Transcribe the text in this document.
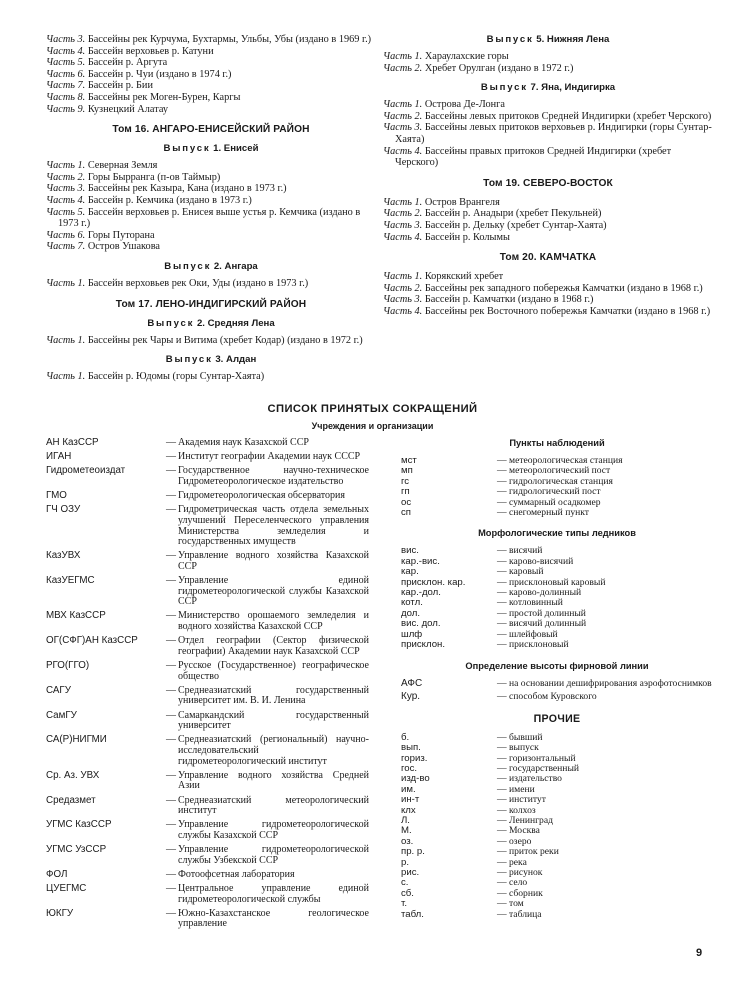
Часть 3. Бассейны рек Курчума, Бухтармы, Ульбы, Убы (издано в 1969 г.)
Часть 4. Бассейн верховьев р. Катуни
Часть 5. Бассейн р. Аргута
Часть 6. Бассейн р. Чуи (издано в 1974 г.)
Часть 7. Бассейн р. Бии
Часть 8. Бассейны рек Моген-Бурен, Каргы
Часть 9. Кузнецкий Алатау
Том 16. АНГАРО-ЕНИСЕЙСКИЙ РАЙОН
Выпуск 1. Енисей
Часть 1. Северная Земля
Часть 2. Горы Бырранга (п-ов Таймыр)
Часть 3. Бассейны рек Казыра, Кана (издано в 1973 г.)
Часть 4. Бассейн р. Кемчика (издано в 1973 г.)
Часть 5. Бассейн верховьев р. Енисея выше устья р. Кемчика (издано в 1973 г.)
Часть 6. Горы Путорана
Часть 7. Остров Ушакова
Выпуск 2. Ангара
Часть 1. Бассейн верховьев рек Оки, Уды (издано в 1973 г.)
Том 17. ЛЕНО-ИНДИГИРСКИЙ РАЙОН
Выпуск 2. Средняя Лена
Часть 1. Бассейны рек Чары и Витима (хребет Кодар) (издано в 1972 г.)
Выпуск 3. Алдан
Часть 1. Бассейн р. Юдомы (горы Сунтар-Хаята)
Выпуск 5. Нижняя Лена
Часть 1. Хараулахские горы
Часть 2. Хребет Орулган (издано в 1972 г.)
Выпуск 7. Яна, Индигирка
Часть 1. Острова Де-Лонга
Часть 2. Бассейны левых притоков Средней Индигирки (хребет Черского)
Часть 3. Бассейны левых притоков верховьев р. Индигирки (горы Сунтар-Хаята)
Часть 4. Бассейны правых притоков Средней Индигирки (хребет Черского)
Том 19. СЕВЕРО-ВОСТОК
Часть 1. Остров Врангеля
Часть 2. Бассейн р. Анадыри (хребет Пекульней)
Часть 3. Бассейн р. Дельку (хребет Сунтар-Хаята)
Часть 4. Бассейн р. Колымы
Том 20. КАМЧАТКА
Часть 1. Корякский хребет
Часть 2. Бассейны рек западного побережья Камчатки (издано в 1968 г.)
Часть 3. Бассейн р. Камчатки (издано в 1968 г.)
Часть 4. Бассейны рек Восточного побережья Камчатки (издано в 1968 г.)
СПИСОК ПРИНЯТЫХ СОКРАЩЕНИЙ
Учреждения и организации
АН КазССР	— Академия наук Казахской ССР
ИГАН	— Институт географии Академии наук СССР
Гидрометеоиздат	— Государственное научно-техническое Гидрометеорологическое издательство
ГМО	— Гидрометеорологическая обсерватория
ГЧ ОЗУ	— Гидрометрическая часть отдела земельных улучшений Переселенческого управления Министерства земледелия и государственных имуществ
КазУВХ	— Управление водного хозяйства Казахской ССР
КазУЕГМС	— Управление единой гидрометеорологической службы Казахской ССР
МВХ КазССР	— Министерство орошаемого земледелия и водного хозяйства Казахской ССР
ОГ(СФГ)АН КазССР	— Отдел географии (Сектор физической географии) Академии наук Казахской ССР
РГО(ГГО)	— Русское (Государственное) географическое общество
САГУ	— Среднеазиатский государственный университет им. В. И. Ленина
СамГУ	— Самаркандский государственный университет
СА(Р)НИГМИ	— Среднеазиатский (региональный) научно-исследовательский гидрометеорологический институт
Ср. Аз. УВХ	— Управление водного хозяйства Средней Азии
Средазмет	— Среднеазиатский метеорологический институт
УГМС КазССР	— Управление гидрометеорологической службы Казахской ССР
УГМС УзССР	— Управление гидрометеорологической службы Узбекской ССР
ФОЛ	— Фотоофсетная лаборатория
ЦУЕГМС	— Центральное управление единой гидрометеорологической службы
ЮКГУ	— Южно-Казахстанское геологическое управление
Пункты наблюдений
мст	— метеорологическая станция
мп	— метеорологический пост
гс	— гидрологическая станция
гп	— гидрологический пост
ос	— суммарный осадкомер
сп	— снегомерный пункт
Морфологические типы ледников
вис.	— висячий
кар.-вис.	— карово-висячий
кар.	— каровый
присклон. кар.	— присклоновый каровый
кар.-дол.	— карово-долинный
котл.	— котловинный
дол.	— простой долинный
вис. дол.	— висячий долинный
шлф	— шлейфовый
присклон.	— присклоновый
Определение высоты фирновой линии
АФС	— на основании дешифрирования аэрофотоснимков
Кур.	— способом Куровского
ПРОЧИЕ
б.	— бывший
вып.	— выпуск
гориз.	— горизонтальный
гос.	— государственный
изд-во	— издательство
им.	— имени
ин-т	— институт
клх	— колхоз
Л.	— Ленинград
М.	— Москва
оз.	— озеро
пр. р.	— приток реки
р.	— река
рис.	— рисунок
с.	— село
сб.	— сборник
т.	— том
табл.	— таблица
9
